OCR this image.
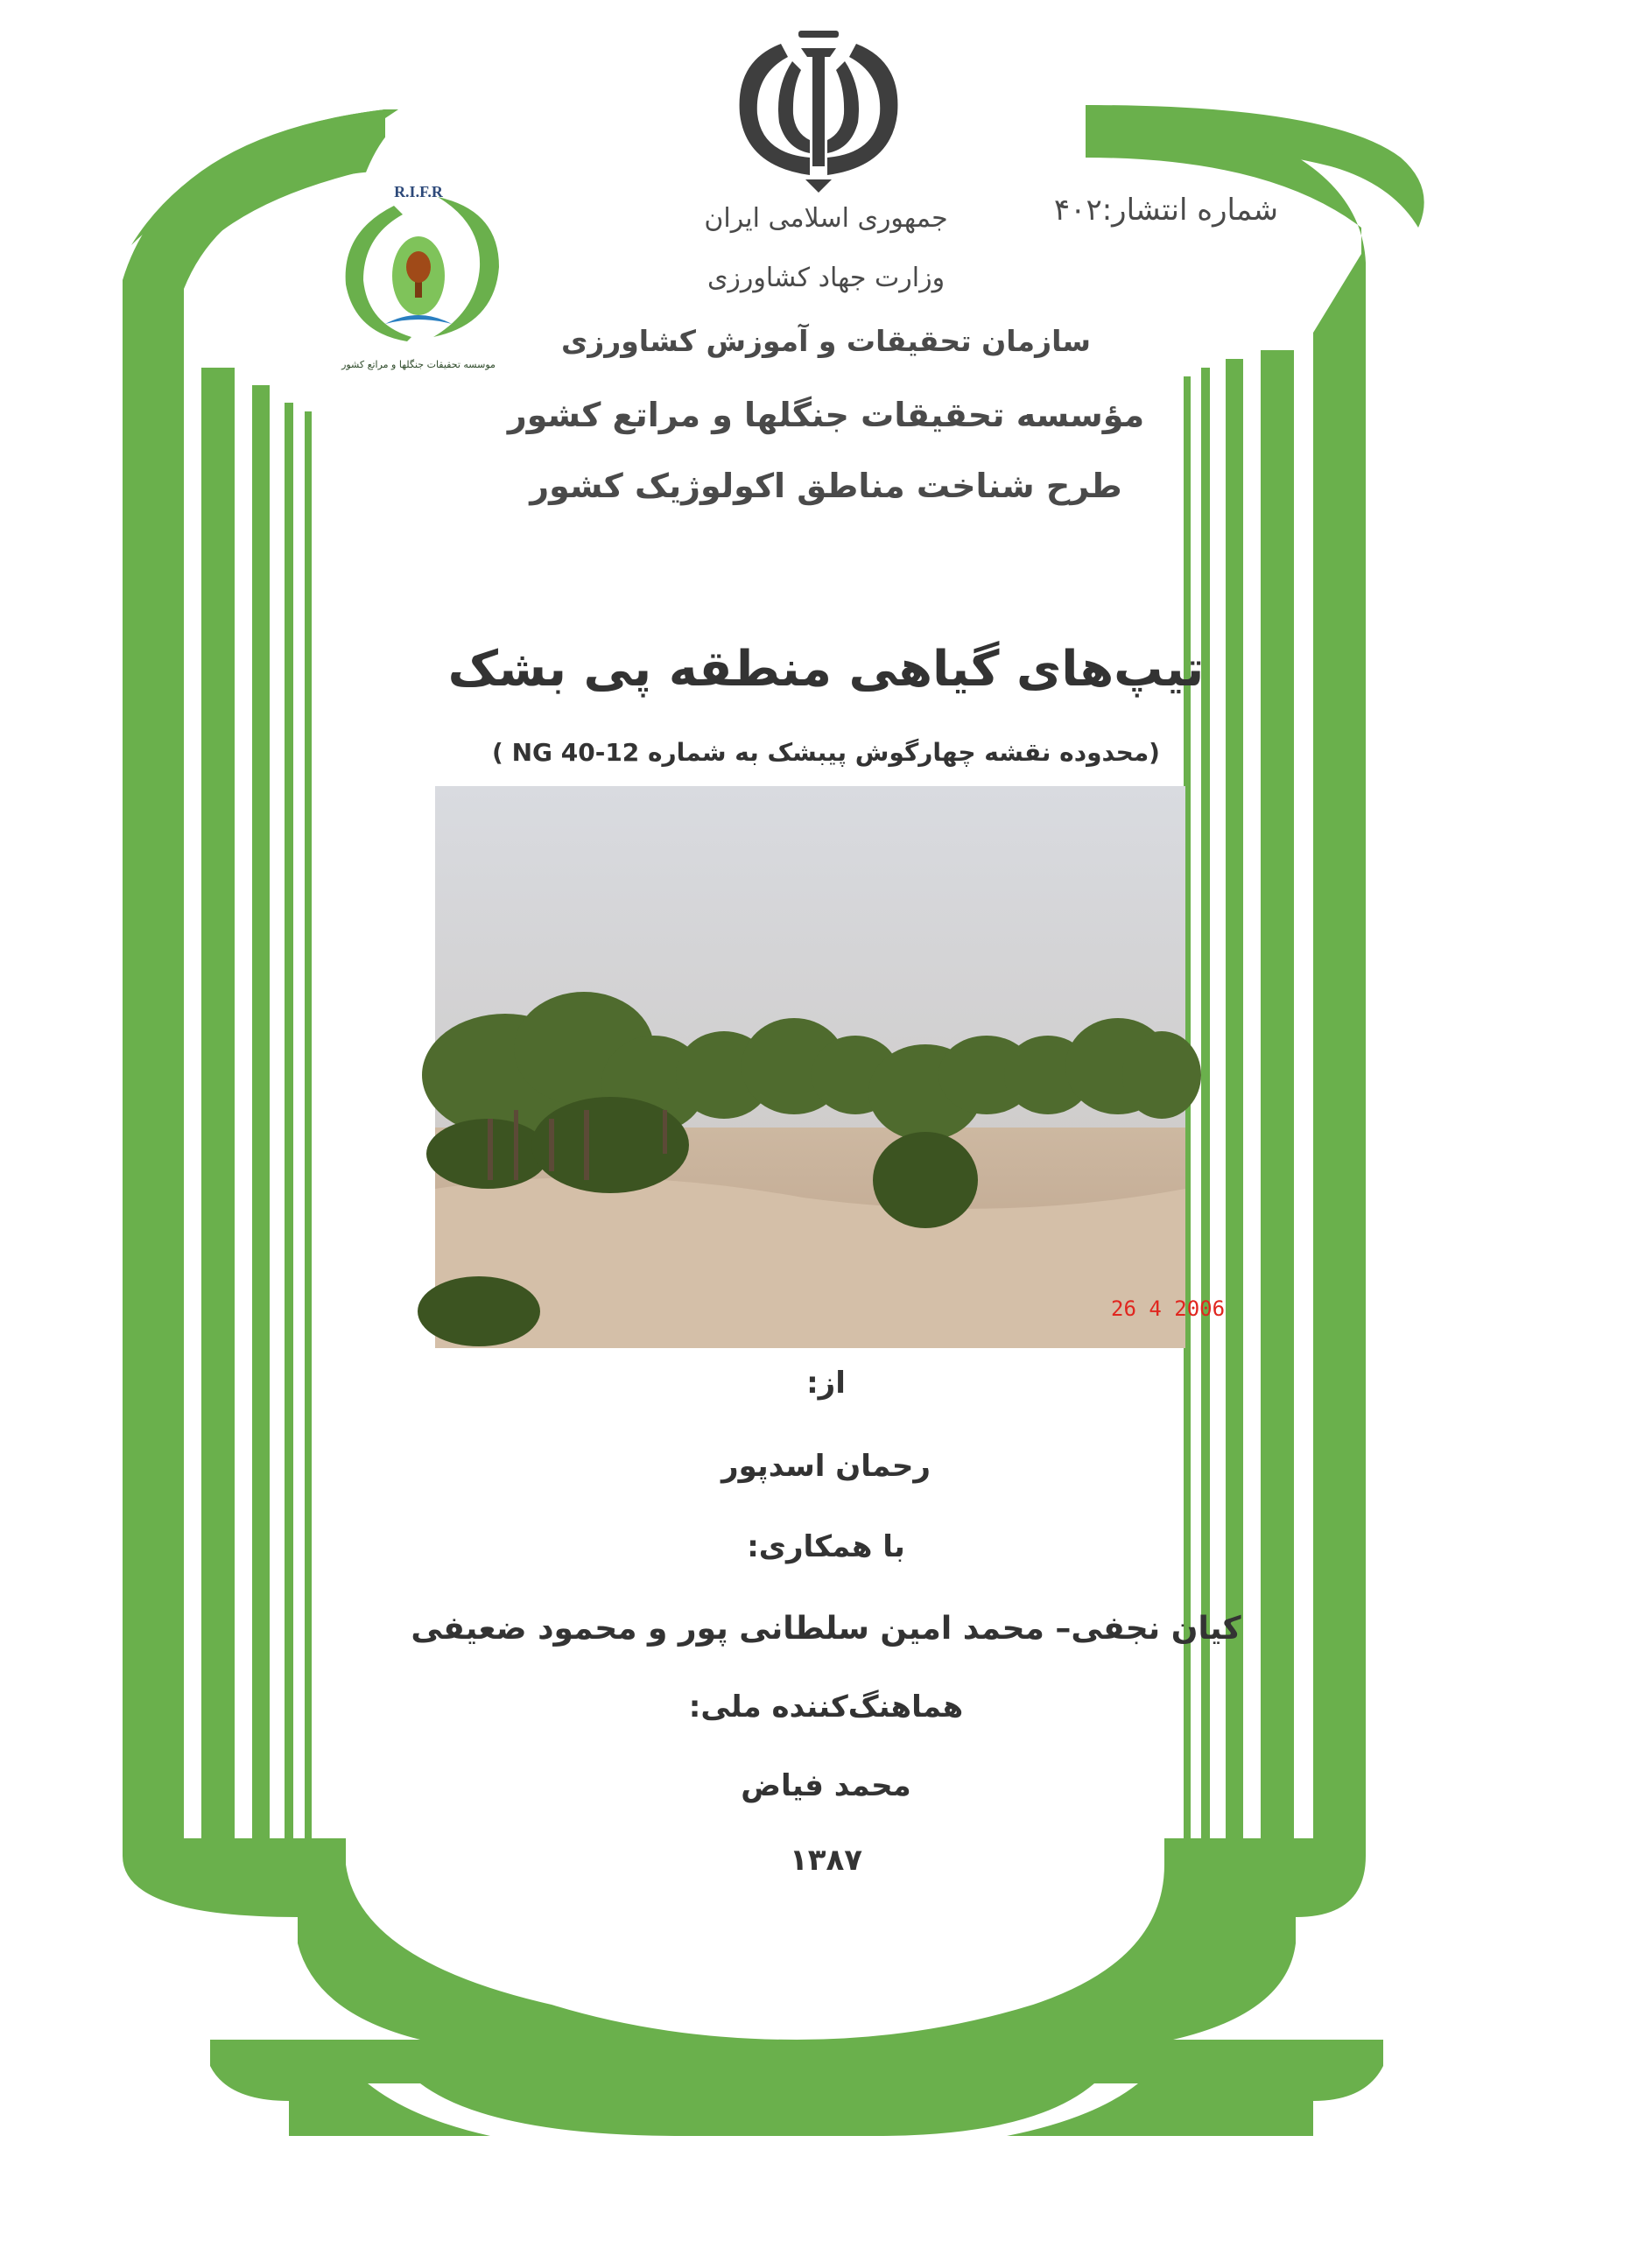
R.I.F.R
موسسه تحقیقات جنگلها و مراتع کشور
شماره انتشار:۴۰۲
جمهوری اسلامی ایران
وزارت جهاد کشاورزی
سازمان تحقیقات و آموزش کشاورزی
مؤسسه تحقیقات جنگلها و مراتع کشور
طرح شناخت مناطق اکولوژیک کشور
تیپ‌های گیاهی منطقه پی بشک
(محدوده نقشه چهارگوش پیبشک به شماره NG 40-12 )
2006 4 26
از:
رحمان اسدپور
با همکاری:
کیان نجفی– محمد امین سلطانی پور و محمود ضعیفی
هماهنگ‌کننده ملی:
محمد فیاض
۱۳۸۷
